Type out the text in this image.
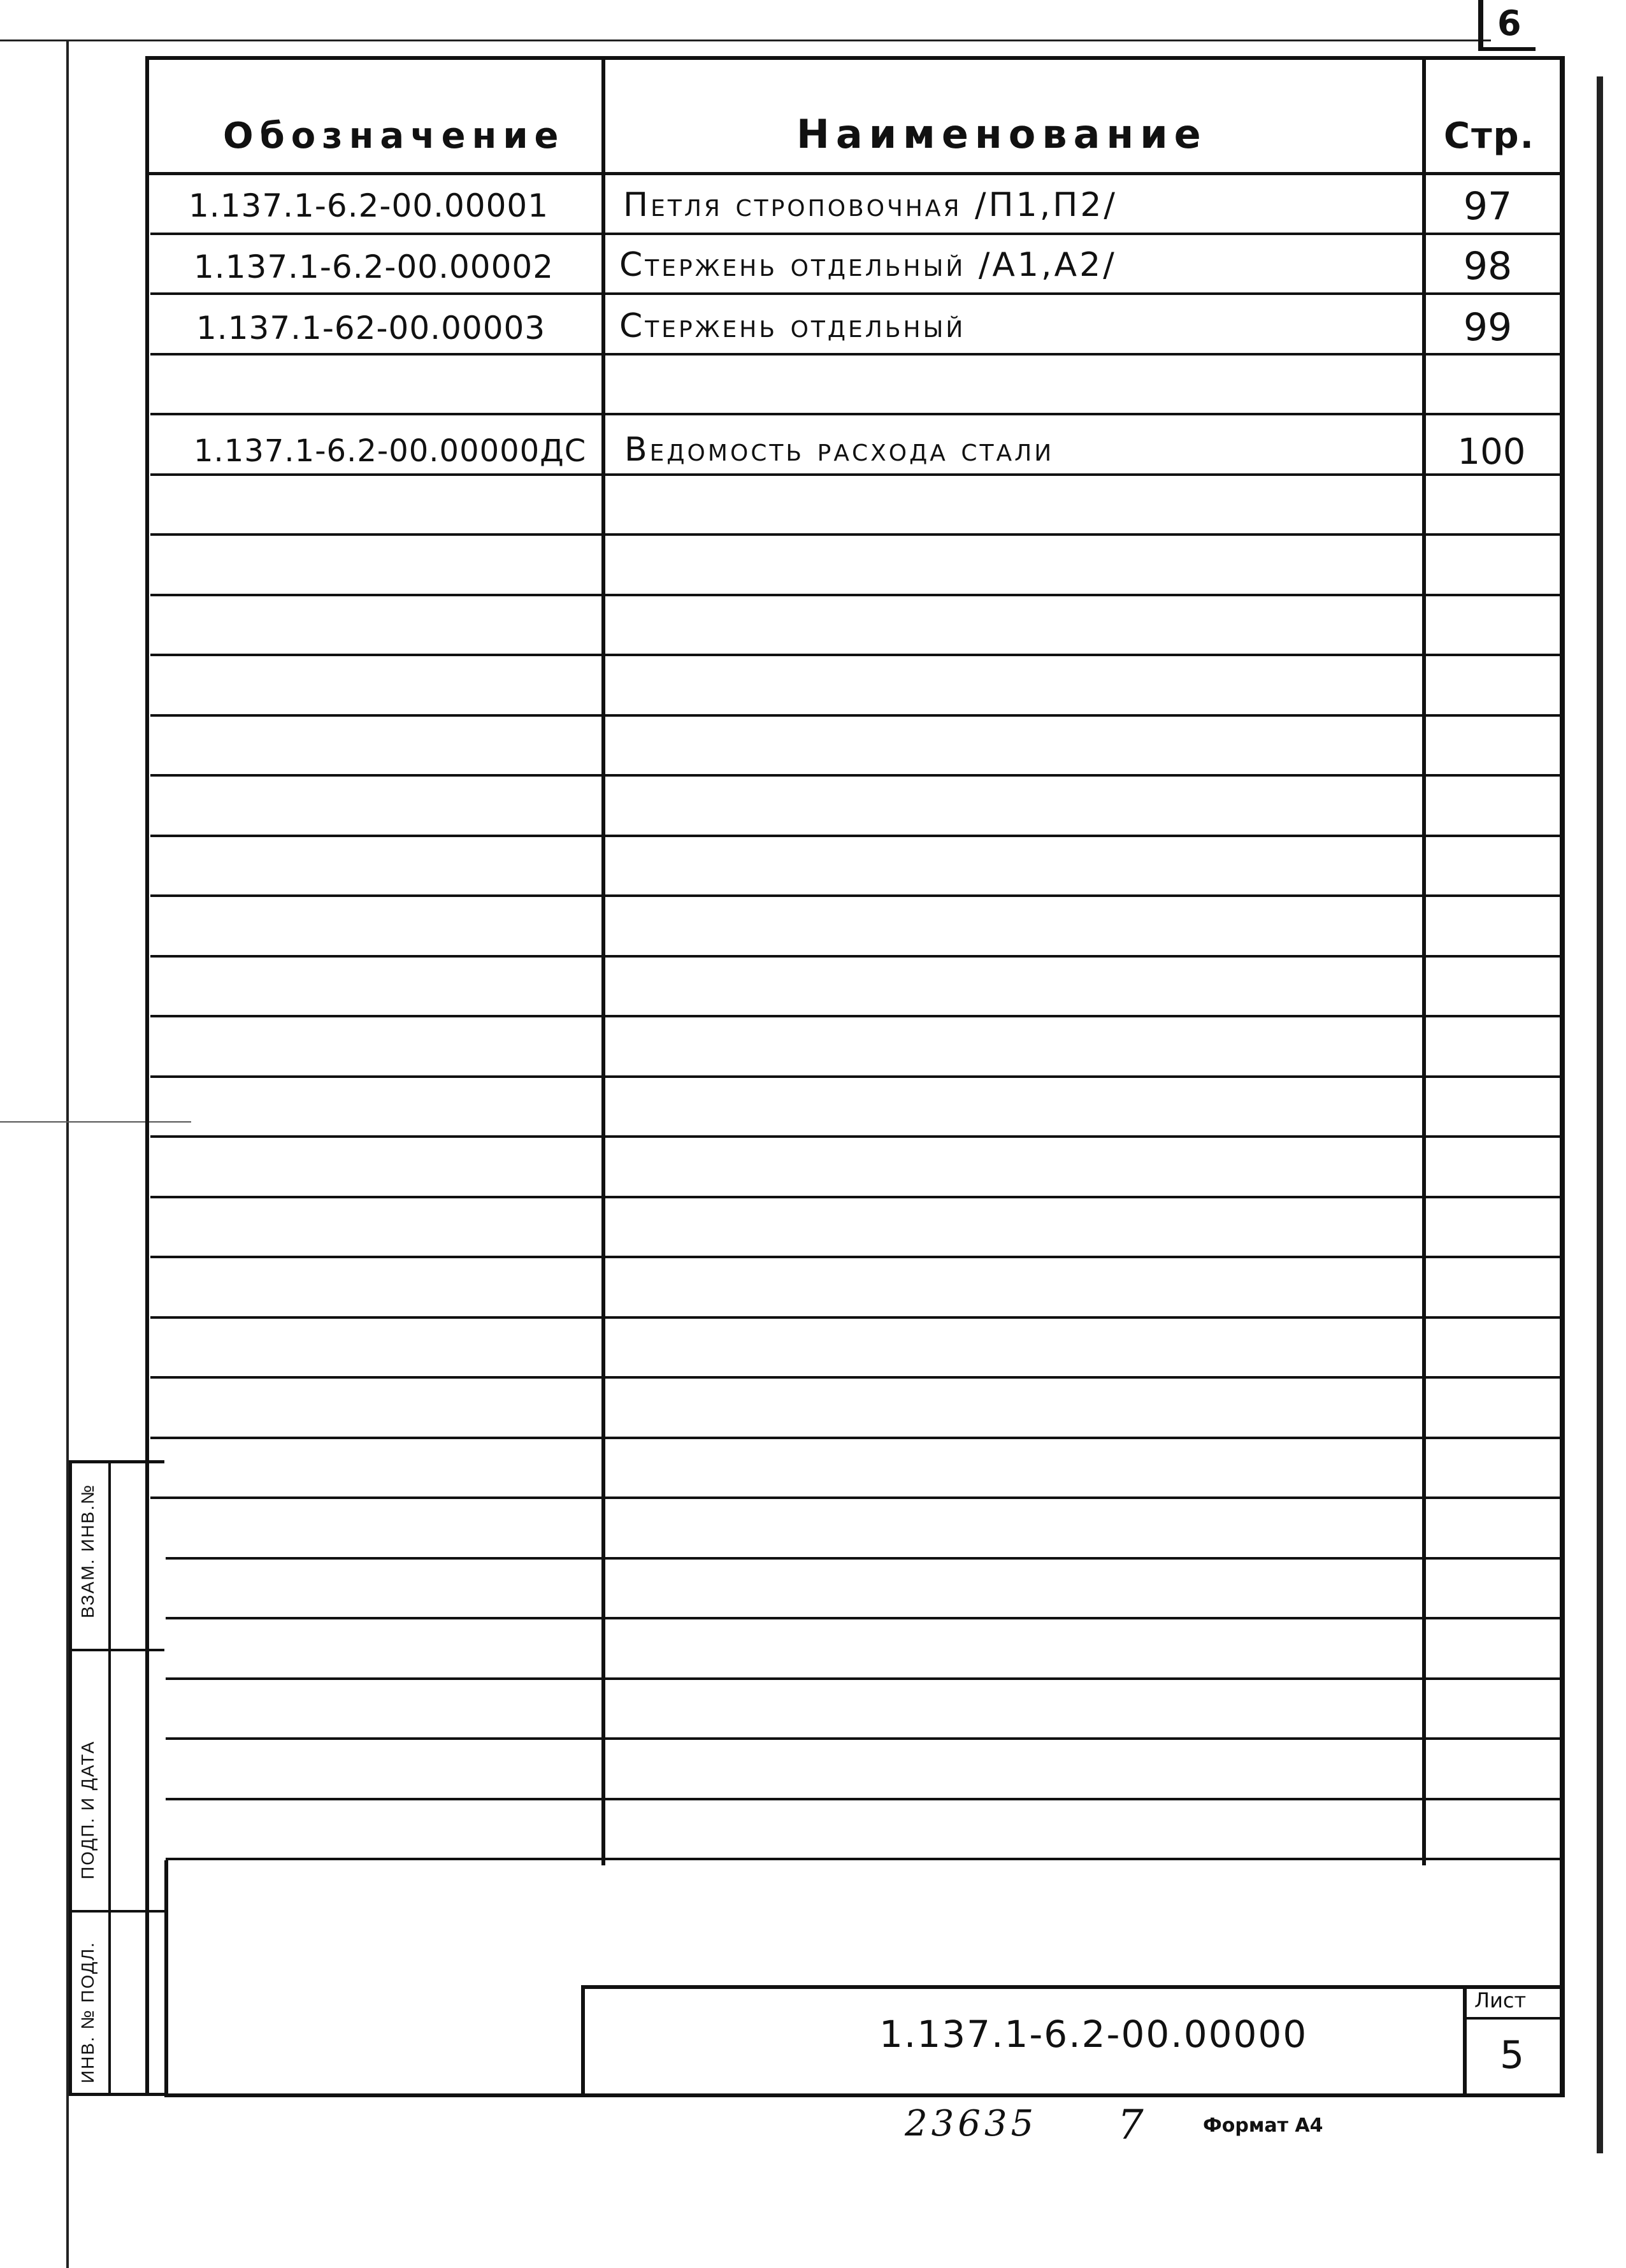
6
Обозначение	Наименование	Стр.
1.137.1-6.2-00.00001 Петля строповочная /П1,П2/	97
1.137.1-6.2-00.00002 Стержень отдельный /А1,А2/	98
1.137.1-62-00.00003 Стержень отдельный	99
1.137.1-6.2-00.00000ДС Ведомость расхода стали	100
ВЗАМ. ИНВ.№
ПОДП. И ДАТА
ИНВ. № ПОДЛ.	1.137.1-6.2-00.00000
Лист
5
23635 7	Формат А4
